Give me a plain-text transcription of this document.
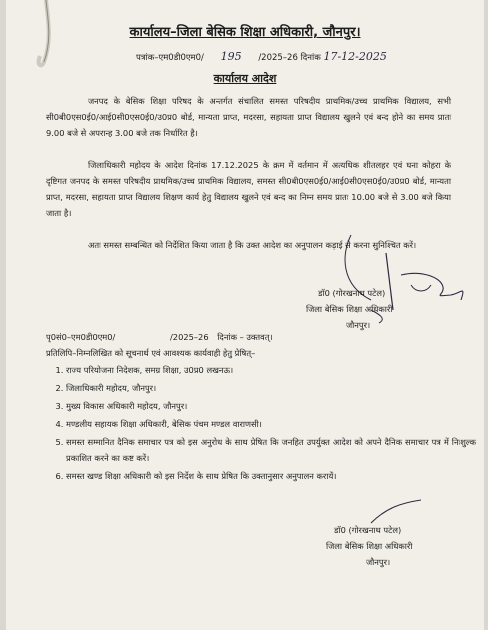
कार्यालय–जिला बेसिक शिक्षा अधिकारी, जौनपुर।
पत्रांक–एम0डी0एम0/ 195 /2025–26 दिनांक 17-12-2025
कार्यालय आदेश
जनपद के बेसिक शिक्षा परिषद के अन्तर्गत संचालित समस्त परिषदीय प्राथमिक/उच्च प्राथमिक विद्यालय, सभी सी0बी0एस0ई0/आई0सी0एस0ई0/उ0प्र0 बोर्ड, मान्यता प्राप्त, मदरसा, सहायता प्राप्त विद्यालय खुलने एवं बन्द होने का समय प्रातः 9.00 बजे से अपरान्ह 3.00 बजे तक निर्धारित है।
जिलाधिकारी महोदय के आदेश दिनांक 17.12.2025 के क्रम में वर्तमान में अत्यधिक शीतलहर एवं घना कोहरा के दृष्टिगत जनपद के समस्त परिषदीय प्राथमिक/उच्च प्राथमिक विद्यालय, समस्त सी0बी0एस0ई0/आई0सी0एस0ई0/उ0प्र0 बोर्ड, मान्यता प्राप्त, मदरसा, सहायता प्राप्त विद्यालय शिक्षण कार्य हेतु विद्यालय खुलने एवं बन्द का निम्न समय प्रातः 10.00 बजे से 3.00 बजे किया जाता है।
अतः समस्त सम्बन्धित को निर्देशित किया जाता है कि उक्त आदेश का अनुपालन कड़ाई से करना सुनिश्चित करें।
डॉ0 (गोरखनाथ पटेल)
जिला बेसिक शिक्षा अधिकारी
जौनपुर।
पृ0सं0–एम0डी0एम0/	/2025–26 दिनांक – उक्तवत्।
प्रतिलिपि–निम्नलिखित को सूचनार्थ एवं आवश्यक कार्यवाही हेतु प्रेषित्–
1. राज्य परियोजना निदेशक, समग्र शिक्षा, उ0प्र0 लखनऊ।
2. जिलाधिकारी महोदय, जौनपुर।
3. मुख्य विकास अधिकारी महोदय, जौनपुर।
4. मण्डलीय सहायक शिक्षा अधिकारी, बेसिक पंचम मण्डल वाराणसी।
5. समस्त सम्मानित दैनिक समाचार पत्र को इस अनुरोध के साथ प्रेषित कि जनहित उपर्युक्त आदेश को अपने दैनिक समाचार पत्र में निःशुल्क प्रकाशित करने का कष्ट करें।
6. समस्त खण्ड शिक्षा अधिकारी को इस निर्देश के साथ प्रेषित कि उक्तानुसार अनुपालन करायें।
डॉ0 (गोरखनाथ पटेल)
जिला बेसिक शिक्षा अधिकारी
जौनपुर।
